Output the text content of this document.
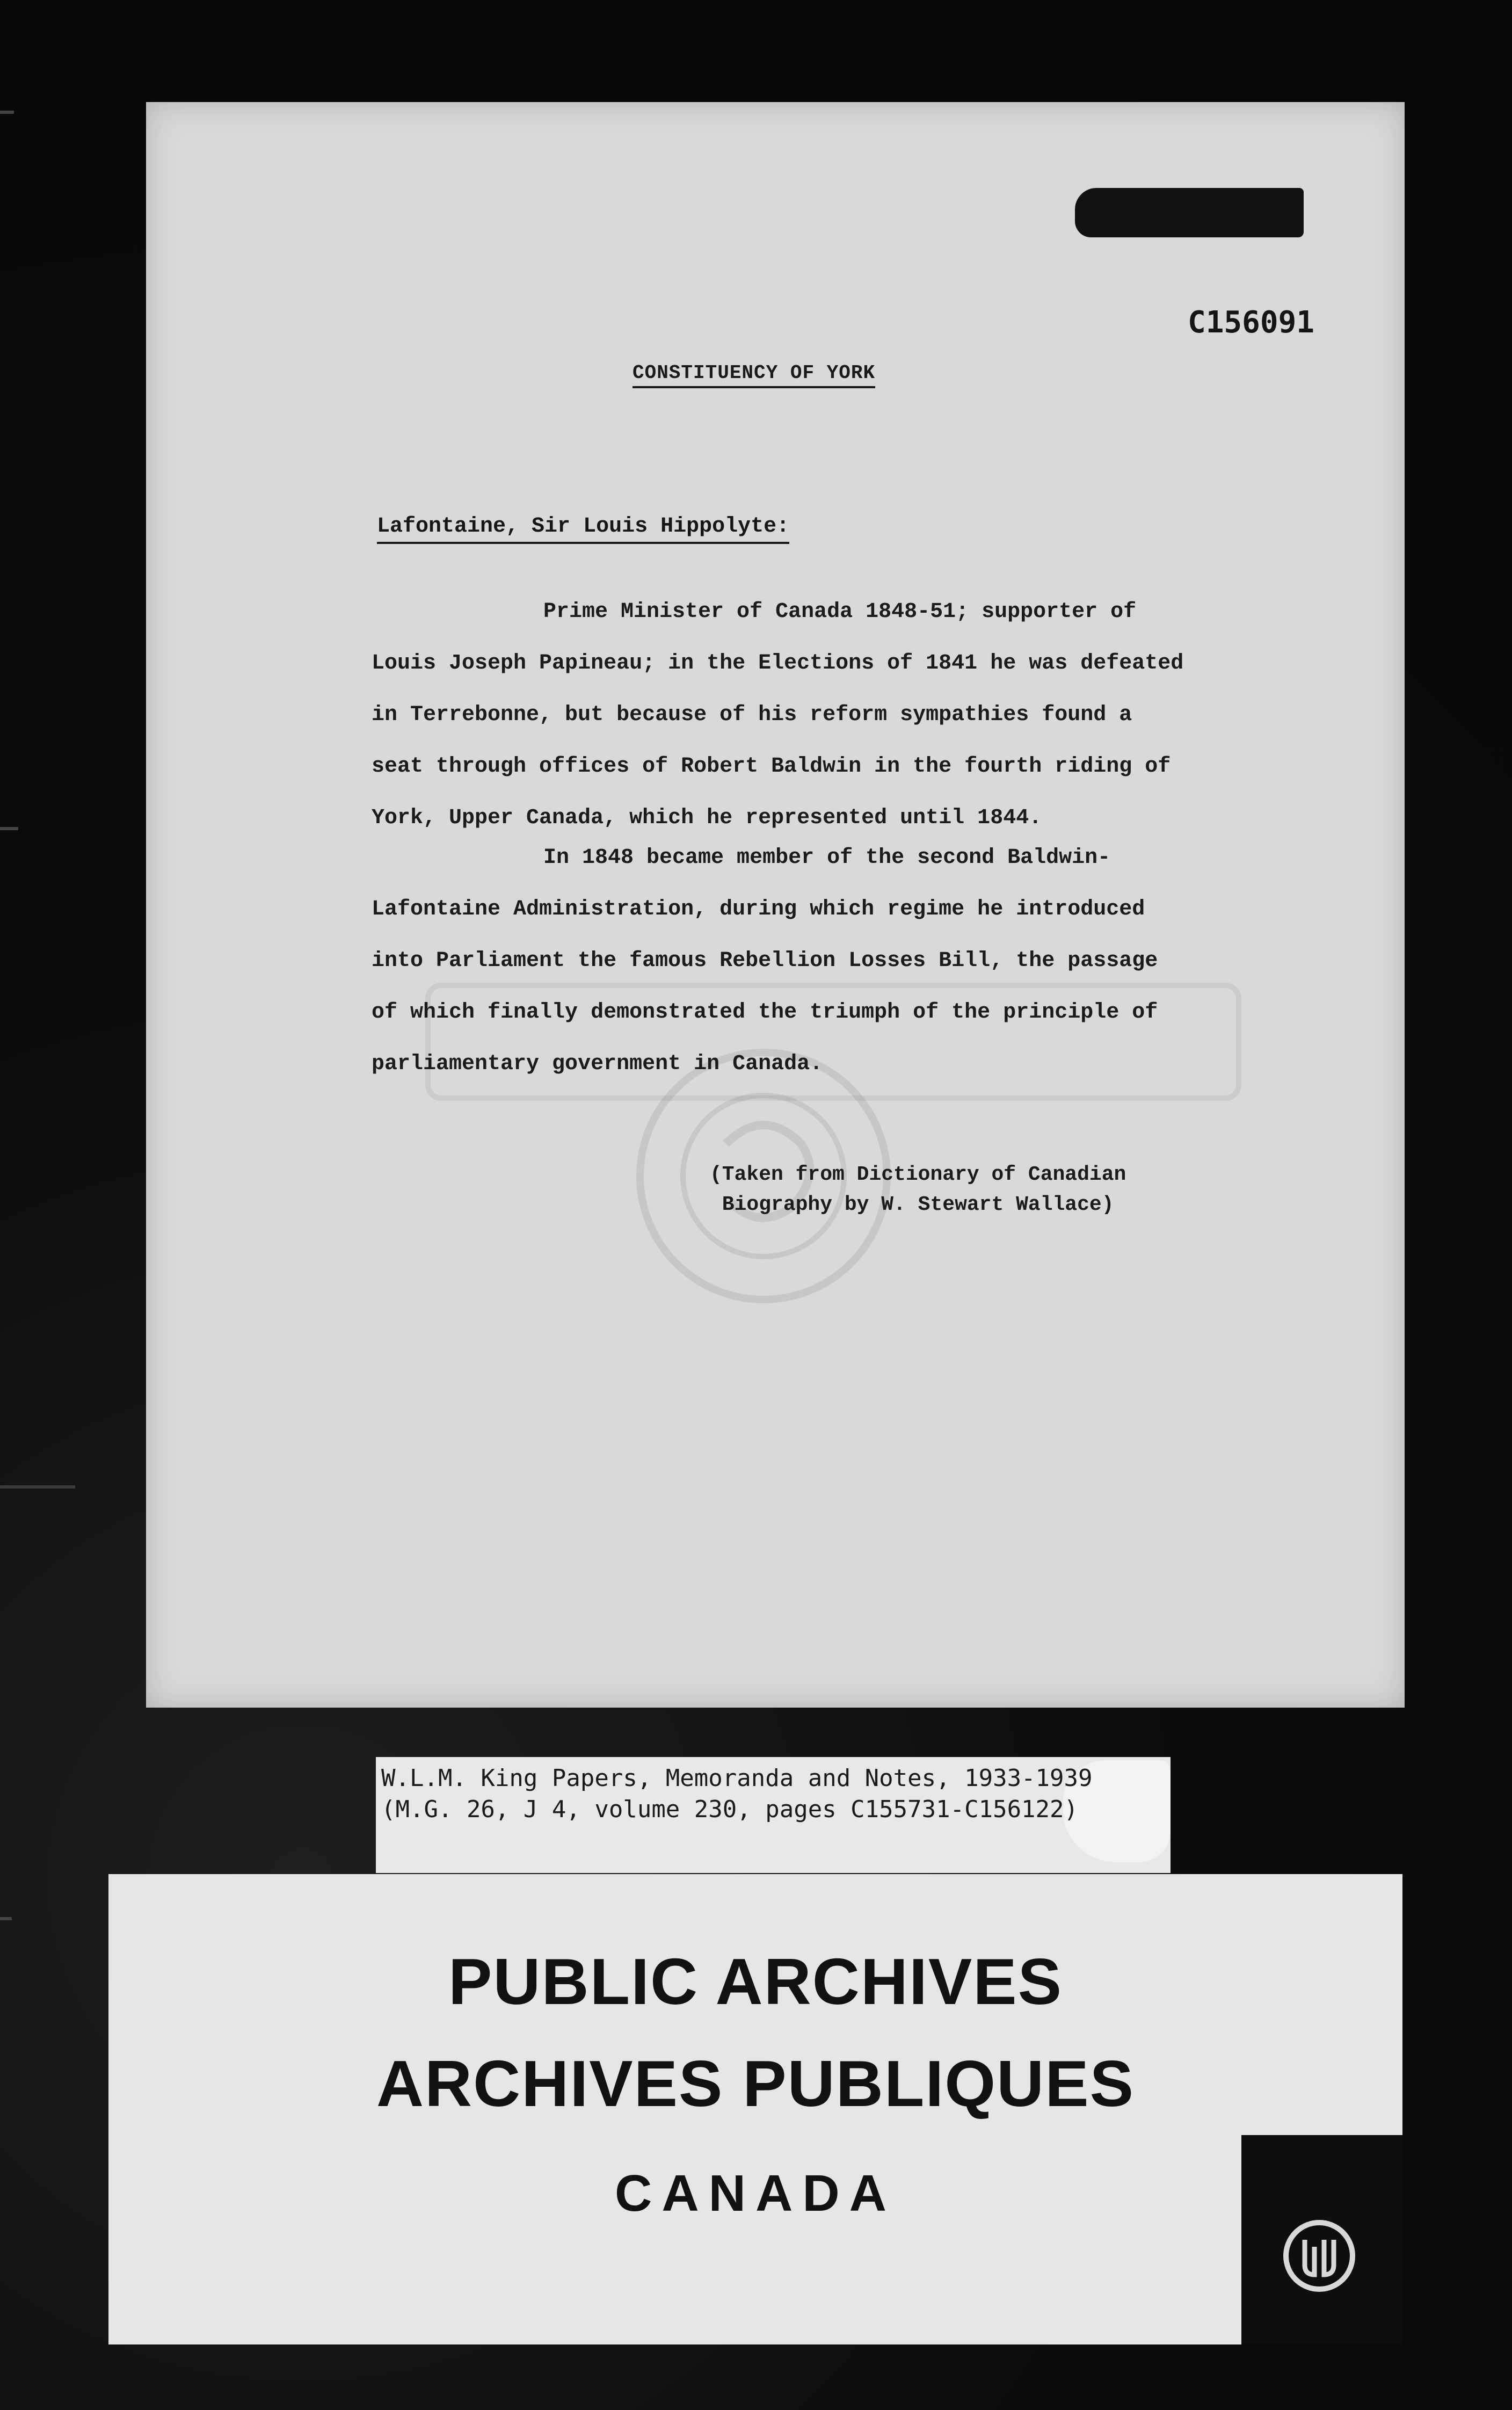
C156091

CONSTITUENCY OF YORK

Lafontaine, Sir Louis Hippolyte:

Prime Minister of Canada 1848-51; supporter of
Louis Joseph Papineau; in the Elections of 1841 he was defeated
in Terrebonne, but because of his reform sympathies found a
seat through offices of Robert Baldwin in the fourth riding of
York, Upper Canada, which he represented until 1844.

In 1848 became member of the second Baldwin-
Lafontaine Administration, during which regime he introduced
into Parliament the famous Rebellion Losses Bill, the passage
of which finally demonstrated the triumph of the principle of
parliamentary government in Canada.

(Taken from Dictionary of Canadian
Biography by W. Stewart Wallace)

W.L.M. King Papers, Memoranda and Notes, 1933-1939

(M.G. 26, J 4, volume 230, pages C155731-C156122)

PUBLIC ARCHIVES

ARCHIVES PUBLIQUES

CANADA
